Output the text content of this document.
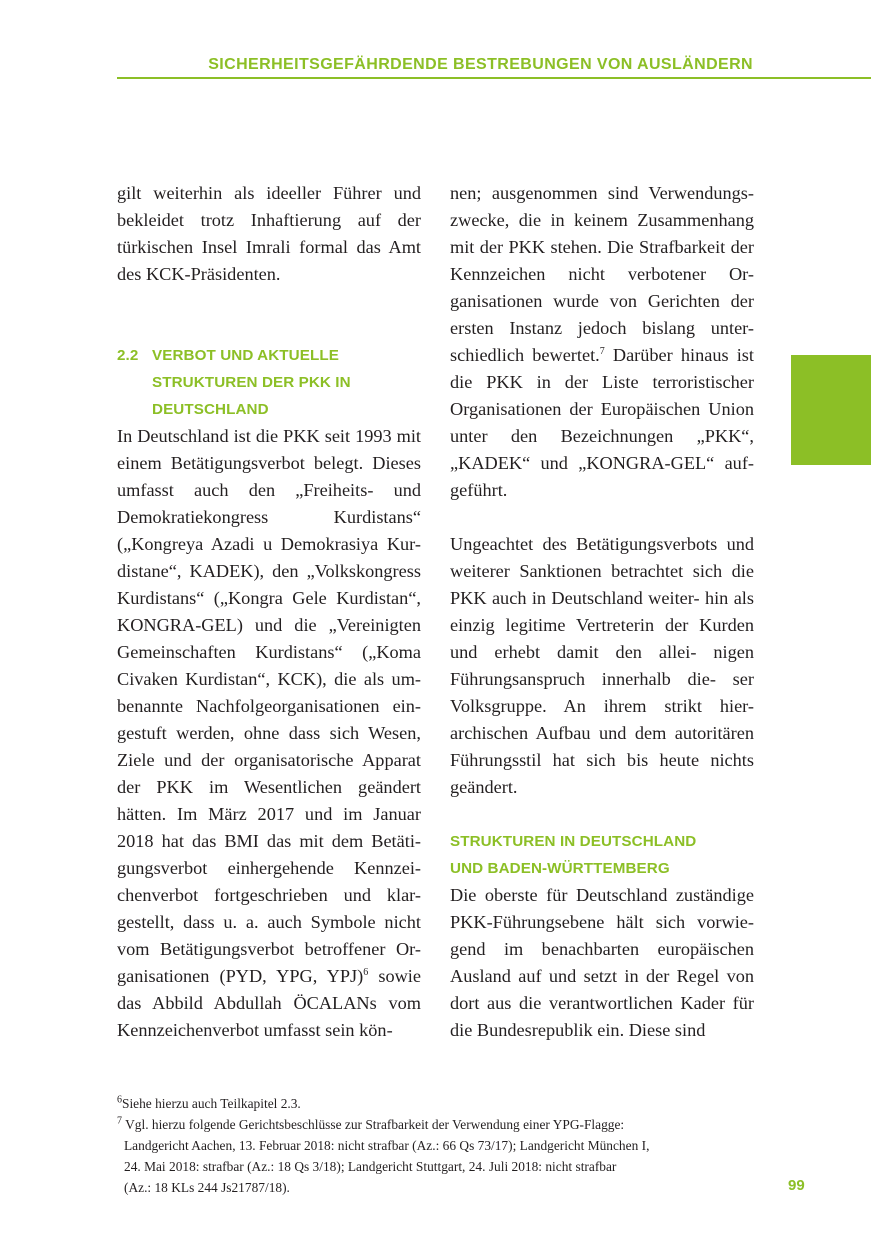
SICHERHEITSGEFÄHRDENDE BESTREBUNGEN VON AUSLÄNDERN

gilt weiterhin als ideeller Führer und bekleidet trotz Inhaftierung auf der türkischen Insel Imrali formal das Amt des KCK-Präsidenten.

2.2 VERBOT UND AKTUELLE
STRUKTUREN DER PKK IN
DEUTSCHLAND

In Deutschland ist die PKK seit 1993 mit einem Betätigungsverbot belegt. Dieses umfasst auch den „Freiheits- und Demokratiekongress Kurdistans“ („Kongreya Azadi u Demokrasiya Kur- distane“, KADEK), den „Volkskongress Kurdistans“ („Kongra Gele Kurdistan“, KONGRA-GEL) und die „Vereinigten Gemeinschaften Kurdistans“ („Koma Civaken Kurdistan“, KCK), die als um- benannte Nachfolgeorganisationen ein- gestuft werden, ohne dass sich Wesen, Ziele und der organisatorische Apparat der PKK im Wesentlichen geändert hätten. Im März 2017 und im Januar 2018 hat das BMI das mit dem Betäti- gungsverbot einhergehende Kennzei- chenverbot fortgeschrieben und klar- gestellt, dass u. a. auch Symbole nicht vom Betätigungsverbot betroffener Or- ganisationen (PYD, YPG, YPJ)$^6$ sowie das Abbild Abdullah ÖCALANs vom Kennzeichenverbot umfasst sein kön-

nen; ausgenommen sind Verwendungs- zwecke, die in keinem Zusammenhang mit der PKK stehen. Die Strafbarkeit der Kennzeichen nicht verbotener Or- ganisationen wurde von Gerichten der ersten Instanz jedoch bislang unter- schiedlich bewertet.$^7$ Darüber hinaus ist die PKK in der Liste terroristischer Organisationen der Europäischen Union unter den Bezeichnungen „PKK“, „KADEK“ und „KONGRA-GEL“ auf- geführt.

Ungeachtet des Betätigungsverbots und weiterer Sanktionen betrachtet sich die PKK auch in Deutschland weiter- hin als einzig legitime Vertreterin der Kurden und erhebt damit den allei- nigen Führungsanspruch innerhalb die- ser Volksgruppe. An ihrem strikt hier- archischen Aufbau und dem autoritären Führungsstil hat sich bis heute nichts geändert.

STRUKTUREN IN DEUTSCHLAND
UND BADEN-WÜRTTEMBERG

Die oberste für Deutschland zuständige PKK-Führungsebene hält sich vorwie- gend im benachbarten europäischen Ausland auf und setzt in der Regel von dort aus die verantwortlichen Kader für die Bundesrepublik ein. Diese sind

$^6$Siehe hierzu auch Teilkapitel 2.3.
$^7$ Vgl. hierzu folgende Gerichtsbeschlüsse zur Strafbarkeit der Verwendung einer YPG-Flagge:
Landgericht Aachen, 13. Februar 2018: nicht strafbar (Az.: 66 Qs 73/17); Landgericht München I,
24. Mai 2018: strafbar (Az.: 18 Qs 3/18); Landgericht Stuttgart, 24. Juli 2018: nicht strafbar
(Az.: 18 KLs 244 Js21787/18).	99
